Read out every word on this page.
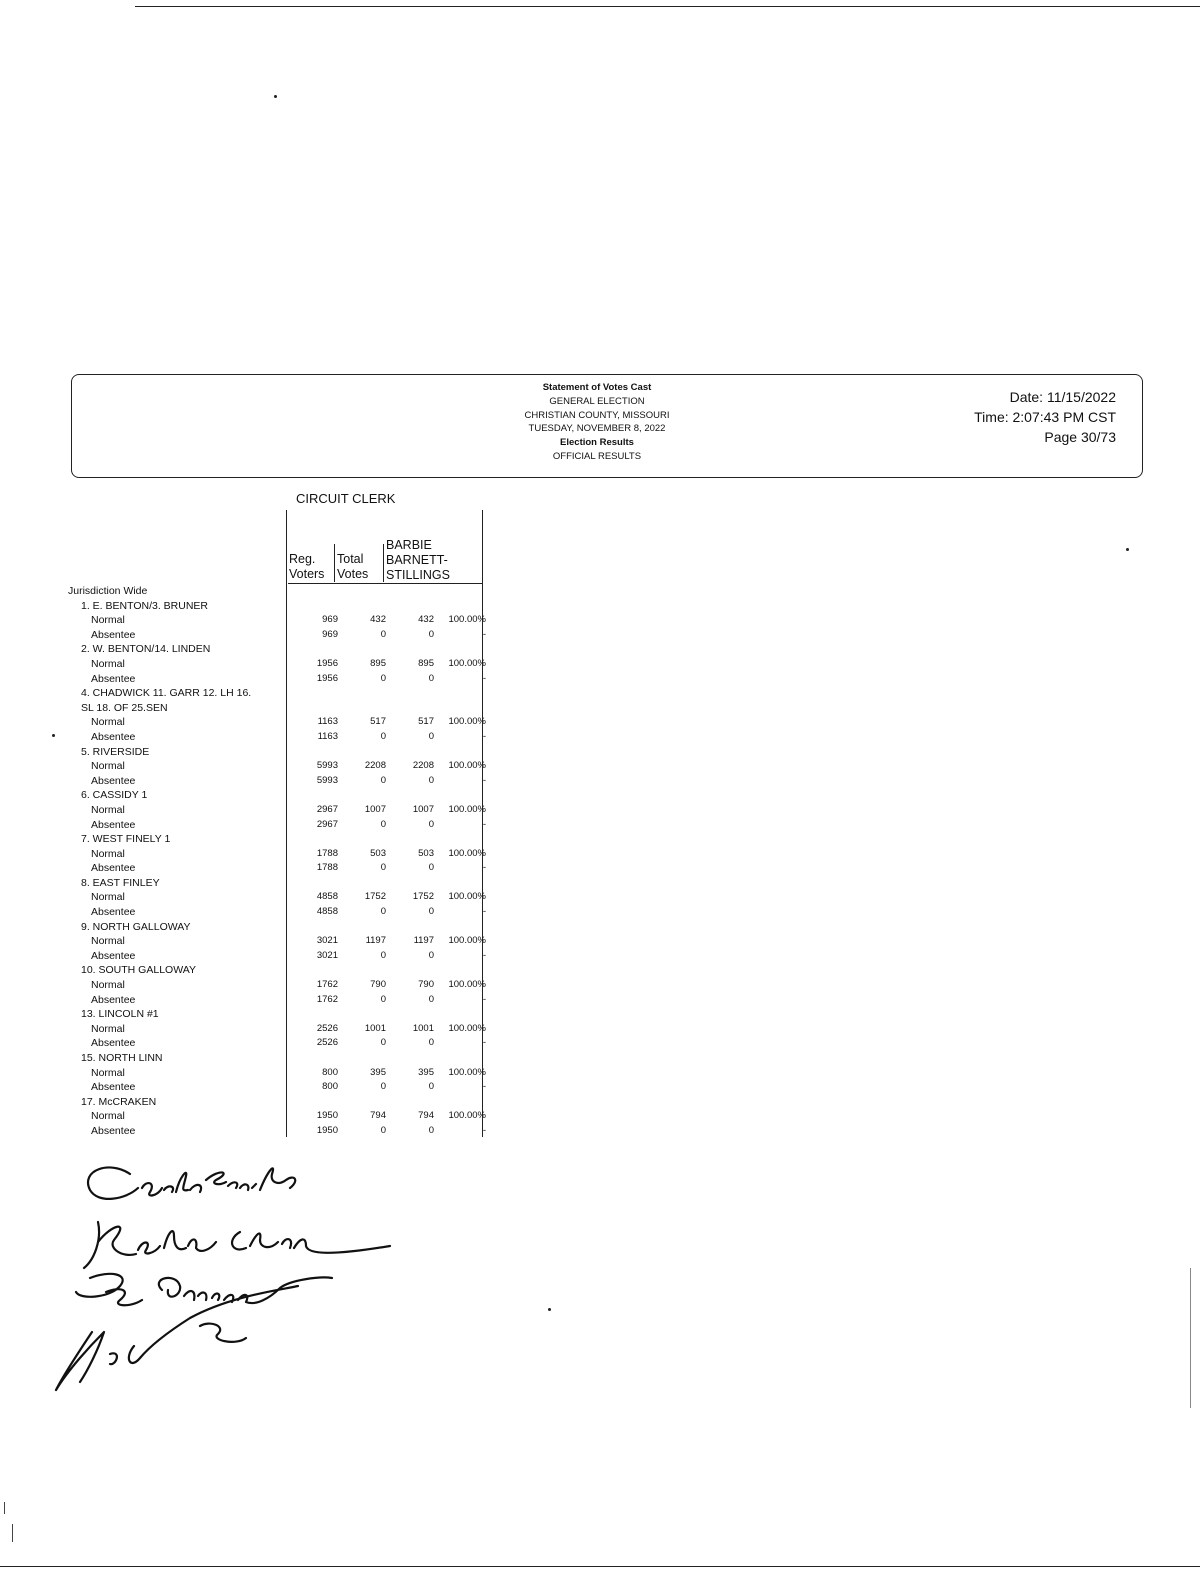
Statement of Votes Cast
GENERAL ELECTION
CHRISTIAN COUNTY, MISSOURI
TUESDAY, NOVEMBER 8, 2022
Election Results
OFFICIAL RESULTS
Date: 11/15/2022
Time: 2:07:43 PM CST
Page 30/73
CIRCUIT CLERK
Reg.
Voters
Total
Votes
BARBIE
BARNETT-
STILLINGS
Jurisdiction Wide
1. E. BENTON/3. BRUNER
Normal	969	432	432 100.00%
Absentee	969	0	0	-
2. W. BENTON/14. LINDEN
Normal	1956	895	895 100.00%
Absentee	1956	0	0	-
4. CHADWICK 11. GARR 12. LH 16.
SL 18. OF 25.SEN
Normal	1163	517	517 100.00%
Absentee	1163	0	0	-
5. RIVERSIDE
Normal	5993	2208	2208 100.00%
Absentee	5993	0	0	-
6. CASSIDY 1
Normal	2967	1007	1007 100.00%
Absentee	2967	0	0	-
7. WEST FINELY 1
Normal	1788	503	503 100.00%
Absentee	1788	0	0	-
8. EAST FINLEY
Normal	4858	1752	1752 100.00%
Absentee	4858	0	0	-
9. NORTH GALLOWAY
Normal	3021	1197	1197 100.00%
Absentee	3021	0	0	-
10. SOUTH GALLOWAY
Normal	1762	790	790 100.00%
Absentee	1762	0	0	-
13. LINCOLN #1
Normal	2526	1001	1001 100.00%
Absentee	2526	0	0	-
15. NORTH LINN
Normal	800	395	395 100.00%
Absentee	800	0	0	-
17. McCRAKEN
Normal	1950	794	794 100.00%
Absentee	1950	0	0	-
